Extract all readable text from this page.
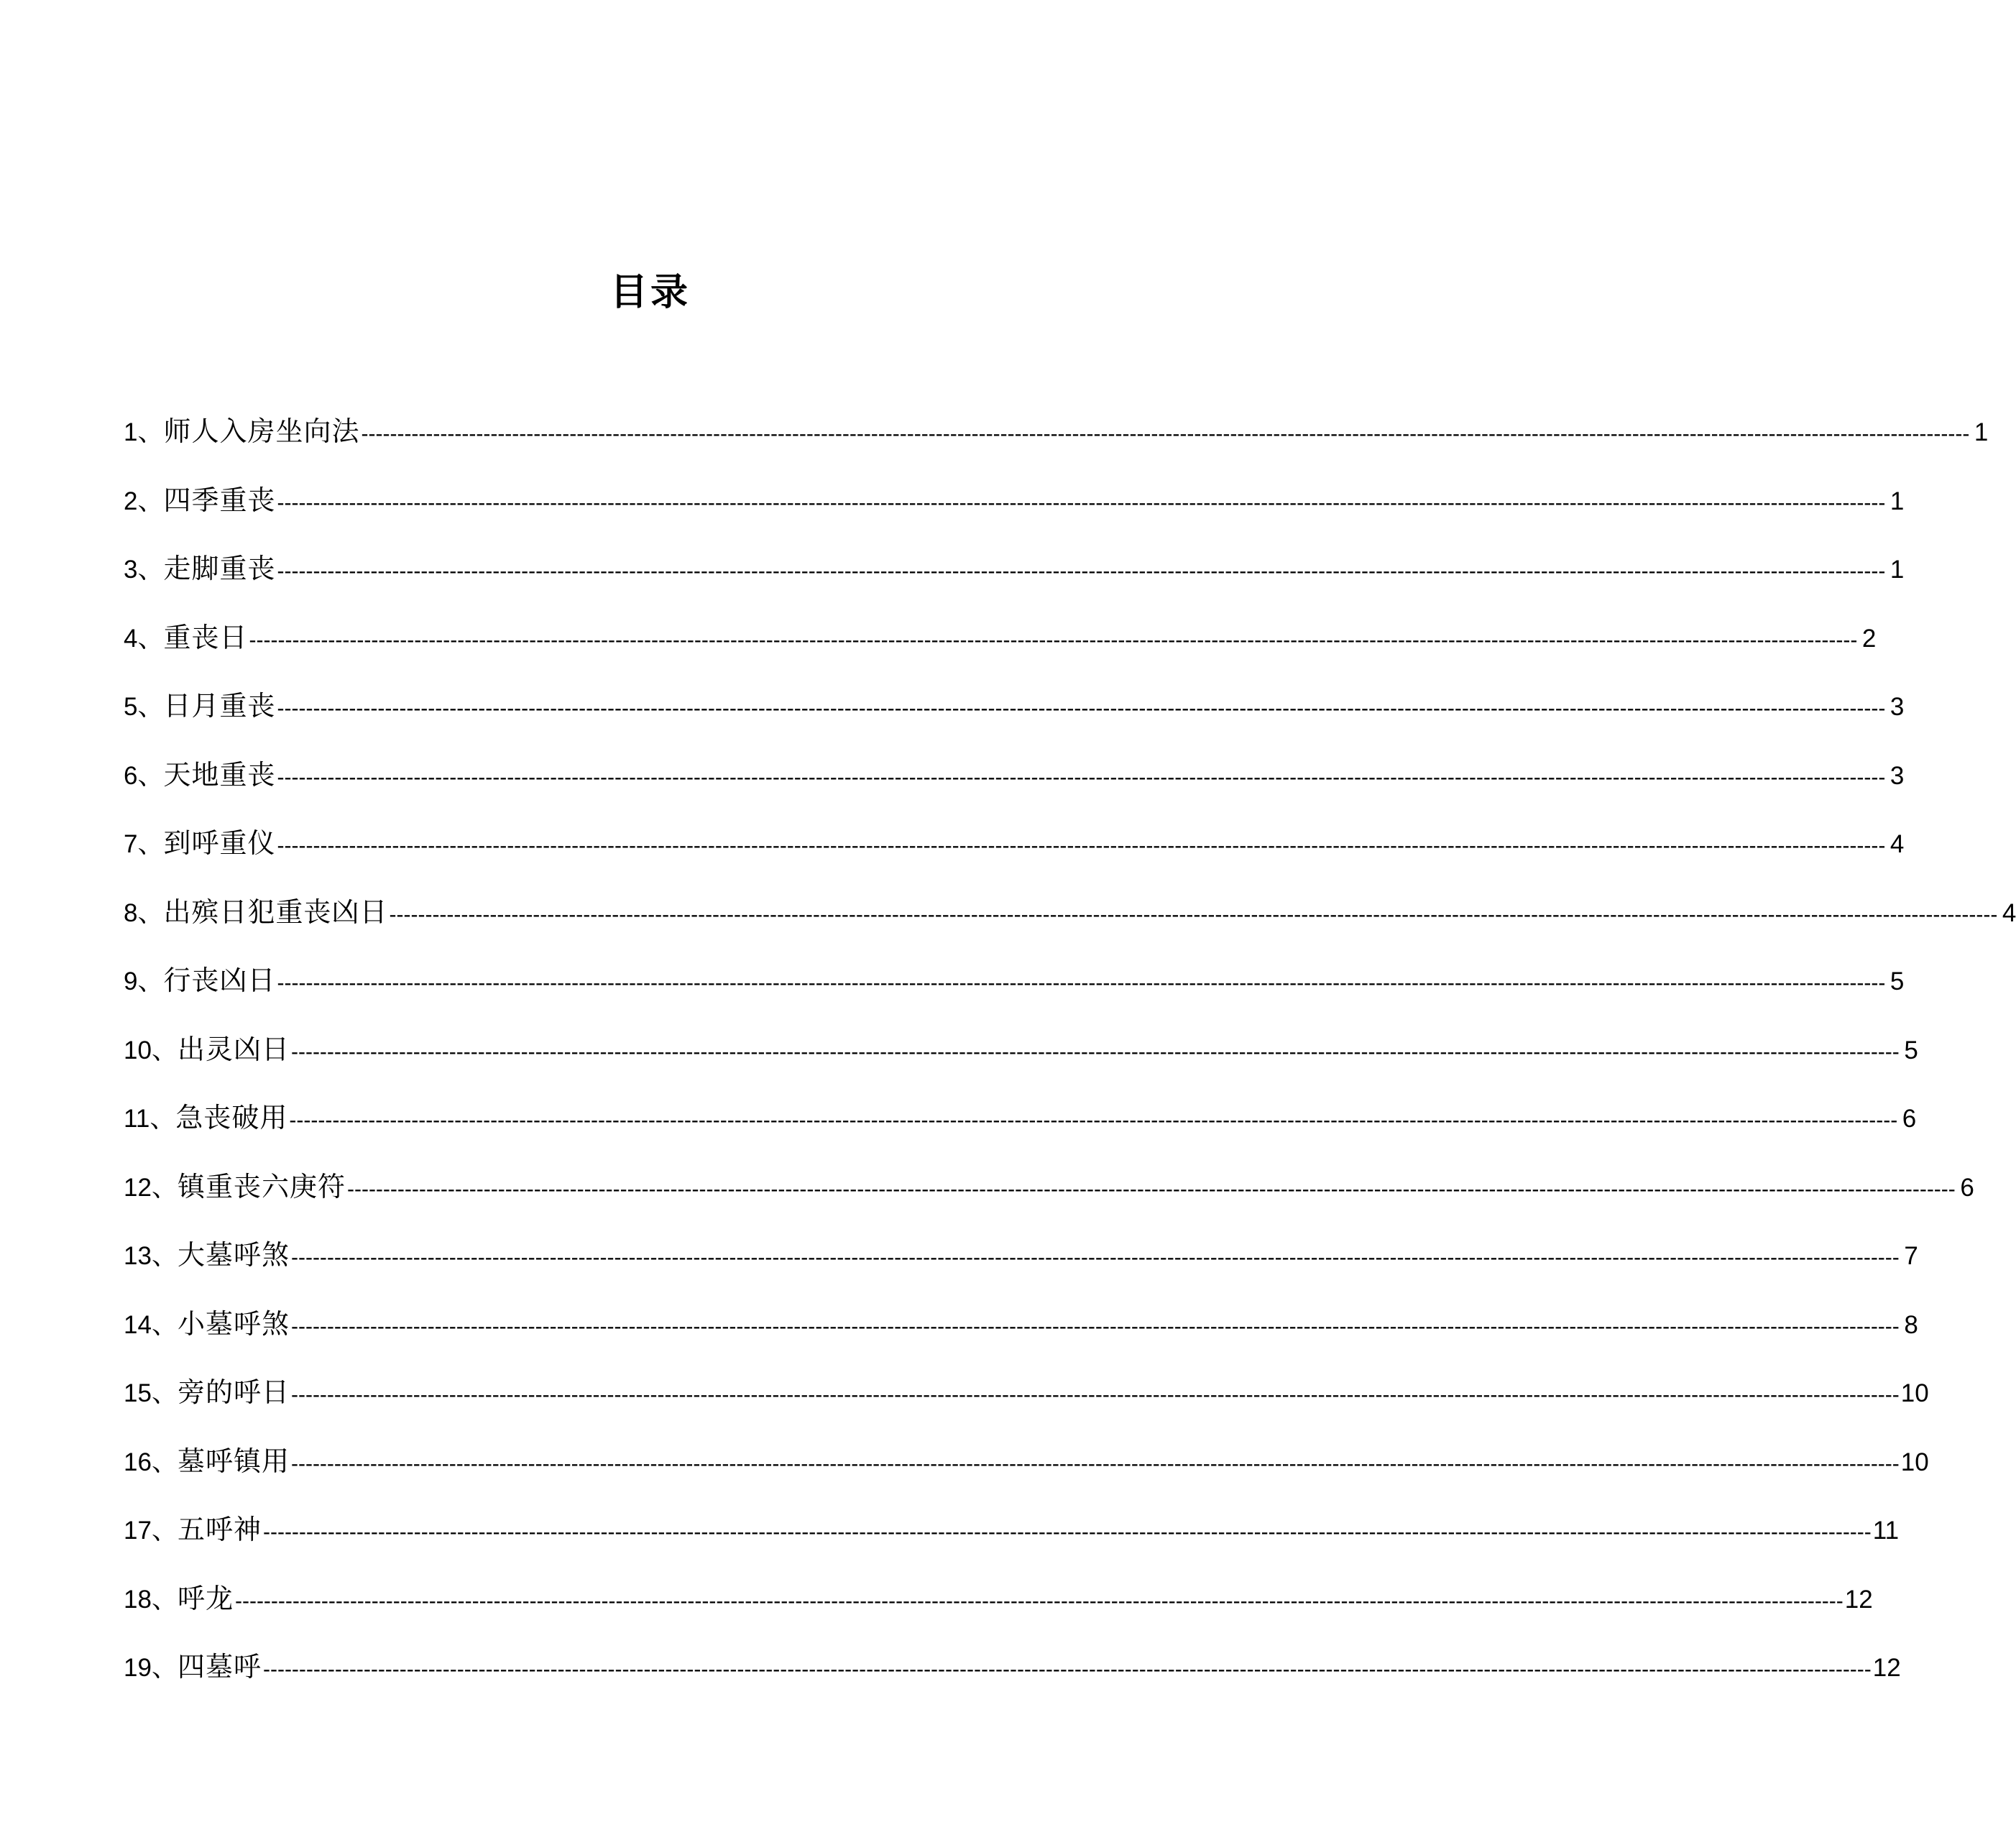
目录
1 、 师人入房坐向法 -----	1
2 、 四季重丧 -----	1
3 、 走脚重丧 -----	1
4 、 重丧日 -----	2
5 、 日月重丧 -----	3
6 、 天地重丧 -----	3
7 、 到呼重仪 -----	4
8 、 出殡日犯重丧凶日 -----	4
9 、 行丧凶日 -----	5
10 、 出灵凶日 -----	5
11 、 急丧破用 -----	6
12 、 镇重丧六庚符 -----	6
13 、 大墓呼煞 -----	7
14 、 小墓呼煞 -----	8
15 、 旁的呼日 -----	10
16 、 墓呼镇用 -----	10
17 、 五呼神 -----	11
18 、 呼龙 -----	12
19 、 四墓呼 -----	12
